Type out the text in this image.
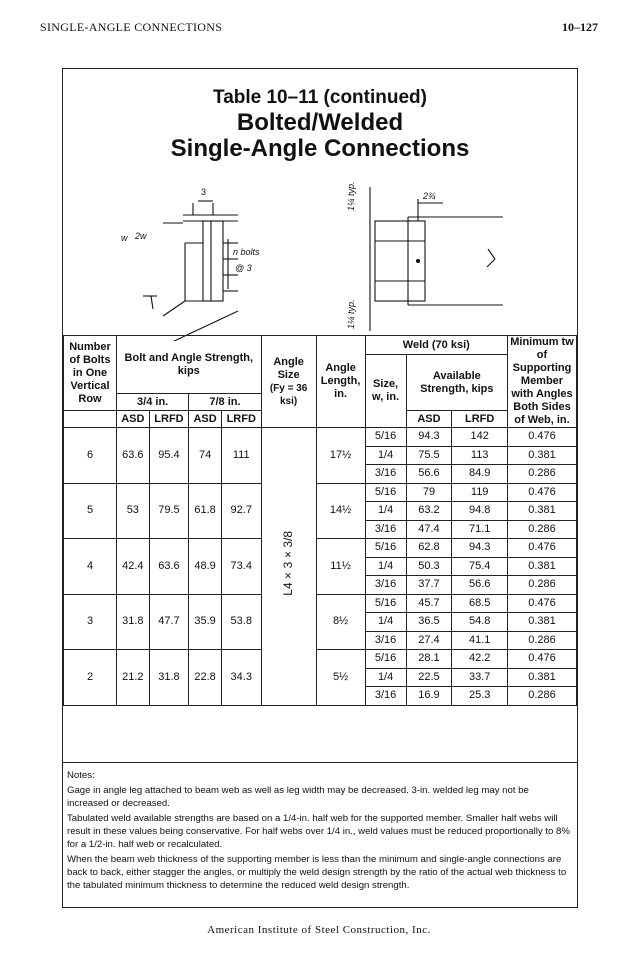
SINGLE-ANGLE CONNECTIONS	10–127
Table 10–11 (continued)
Bolted/Welded
Single-Angle Connections
3
w 2w
n bolts
@ 3
2¾
1¼ typ.
1¼ typ.
Number of Bolts in One Vertical Row	Bolt and Angle Strength, kips				Angle Size
(Fy = 36 ksi)	Angle Length, in.	Weld (70 ksi)			Minimum tw of Supporting Member with Angles Both Sides of Web, in.
							Size, w, in.	Available Strength, kips		
	3/4 in.		7/8 in.							
	ASD	LRFD	ASD	LRFD				ASD	LRFD	
6	63.6	95.4	74	111	L4×3×3/8	17½	5/16	94.3	142	0.476
							1/4	75.5	113	0.381
							3/16	56.6	84.9	0.286
5	53	79.5	61.8	92.7		14½	5/16	79	119	0.476
							1/4	63.2	94.8	0.381
							3/16	47.4	71.1	0.286
4	42.4	63.6	48.9	73.4		11½	5/16	62.8	94.3	0.476
							1/4	50.3	75.4	0.381
							3/16	37.7	56.6	0.286
3	31.8	47.7	35.9	53.8		8½	5/16	45.7	68.5	0.476
							1/4	36.5	54.8	0.381
							3/16	27.4	41.1	0.286
2	21.2	31.8	22.8	34.3		5½	5/16	28.1	42.2	0.476
							1/4	22.5	33.7	0.381
							3/16	16.9	25.3	0.286

Notes:

Gage in angle leg attached to beam web as well as leg width may be decreased. 3-in. welded leg may not be increased or decreased.

Tabulated weld available strengths are based on a 1/4-in. half web for the supported member. Smaller half webs will result in these values being conservative. For half webs over 1/4 in., weld values must be reduced proportionally to 8% for a 1/2-in. half web or recalculated.

When the beam web thickness of the supporting member is less than the minimum and single-angle connections are back to back, either stagger the angles, or multiply the weld design strength by the ratio of the actual web thickness to the tabulated minimum thickness to determine the reduced weld design strength.

American Institute of Steel Construction, Inc.
